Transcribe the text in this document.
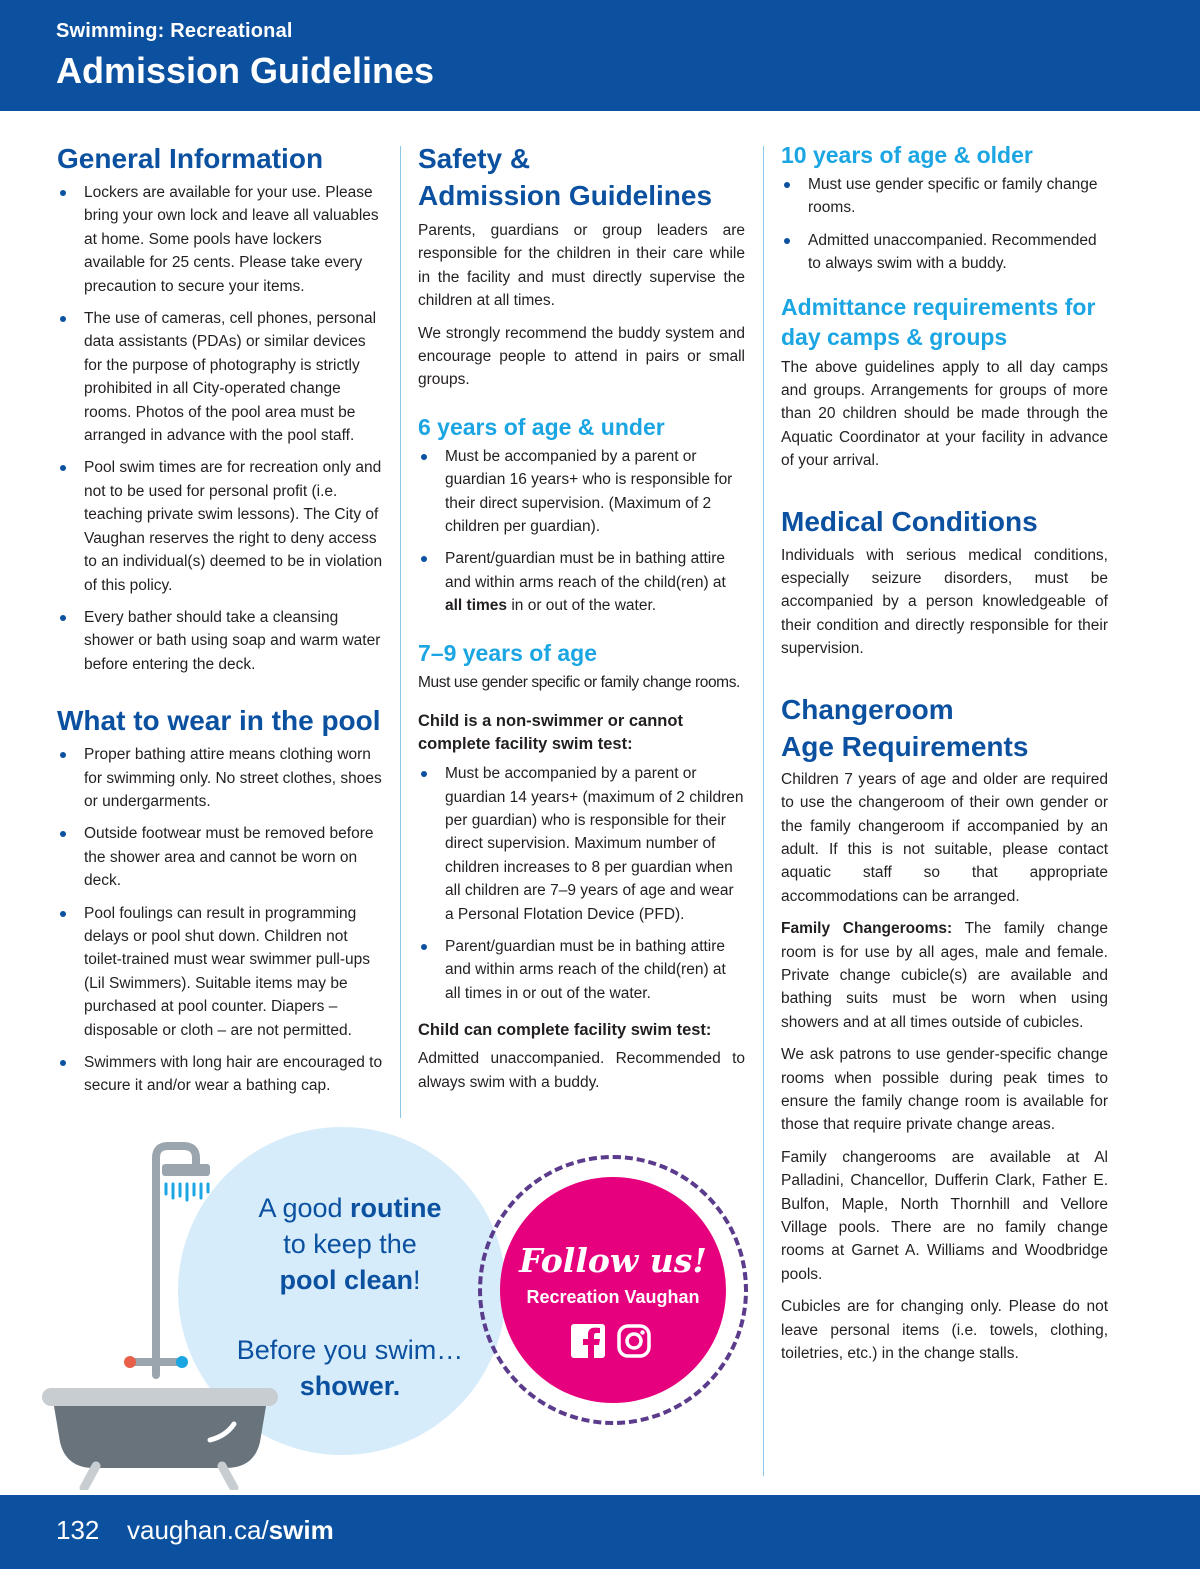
Swimming: Recreational
Admission Guidelines
General Information
Lockers are available for your use. Please bring your own lock and leave all valuables at home. Some pools have lockers available for 25 cents. Please take every precaution to secure your items.
The use of cameras, cell phones, personal data assistants (PDAs) or similar devices for the purpose of photography is strictly prohibited in all City-operated change rooms. Photos of the pool area must be arranged in advance with the pool staff.
Pool swim times are for recreation only and not to be used for personal profit (i.e. teaching private swim lessons). The City of Vaughan reserves the right to deny access to an individual(s) deemed to be in violation of this policy.
Every bather should take a cleansing shower or bath using soap and warm water before entering the deck.
What to wear in the pool
Proper bathing attire means clothing worn for swimming only. No street clothes, shoes or undergarments.
Outside footwear must be removed before the shower area and cannot be worn on deck.
Pool foulings can result in programming delays or pool shut down. Children not toilet-trained must wear swimmer pull-ups (Lil Swimmers). Suitable items may be purchased at pool counter. Diapers – disposable or cloth – are not permitted.
Swimmers with long hair are encouraged to secure it and/or wear a bathing cap.
Safety &
Admission Guidelines

Parents, guardians or group leaders are responsible for the children in their care while in the facility and must directly supervise the children at all times.

We strongly recommend the buddy system and encourage people to attend in pairs or small groups.

6 years of age & under
Must be accompanied by a parent or guardian 16 years+ who is responsible for their direct supervision. (Maximum of 2 children per guardian).
Parent/guardian must be in bathing attire and within arms reach of the child(ren) at all times in or out of the water.
7–9 years of age

Must use gender specific or family change rooms.

Child is a non-swimmer or cannot complete facility swim test:
Must be accompanied by a parent or guardian 14 years+ (maximum of 2 children per guardian) who is responsible for their direct supervision. Maximum number of children increases to 8 per guardian when all children are 7–9 years of age and wear a Personal Flotation Device (PFD).
Parent/guardian must be in bathing attire and within arms reach of the child(ren) at all times in or out of the water.
Child can complete facility swim test:

Admitted unaccompanied. Recommended to always swim with a buddy.

10 years of age & older
Must use gender specific or family change rooms.
Admitted unaccompanied. Recommended to always swim with a buddy.
Admittance requirements for
day camps & groups

The above guidelines apply to all day camps and groups. Arrangements for groups of more than 20 children should be made through the Aquatic Coordinator at your facility in advance of your arrival.

Medical Conditions

Individuals with serious medical conditions, especially seizure disorders, must be accompanied by a person knowledgeable of their condition and directly responsible for their supervision.

Changeroom
Age Requirements

Children 7 years of age and older are required to use the changeroom of their own gender or the family changeroom if accompanied by an adult. If this is not suitable, please contact aquatic staff so that appropriate accommodations can be arranged.

Family Changerooms: The family change room is for use by all ages, male and female. Private change cubicle(s) are available and bathing suits must be worn when using showers and at all times outside of cubicles.

We ask patrons to use gender-specific change rooms when possible during peak times to ensure the family change room is available for those that require private change areas.

Family changerooms are available at Al Palladini, Chancellor, Dufferin Clark, Father E. Bulfon, Maple, North Thornhill and Vellore Village pools. There are no family change rooms at Garnet A. Williams and Woodbridge pools.

Cubicles are for changing only. Please do not leave personal items (i.e. towels, clothing, toiletries, etc.) in the change stalls.

A good routine
to keep the
pool clean!
Before you swim…
shower.
Follow us!
Recreation Vaughan
132 vaughan.ca/swim
